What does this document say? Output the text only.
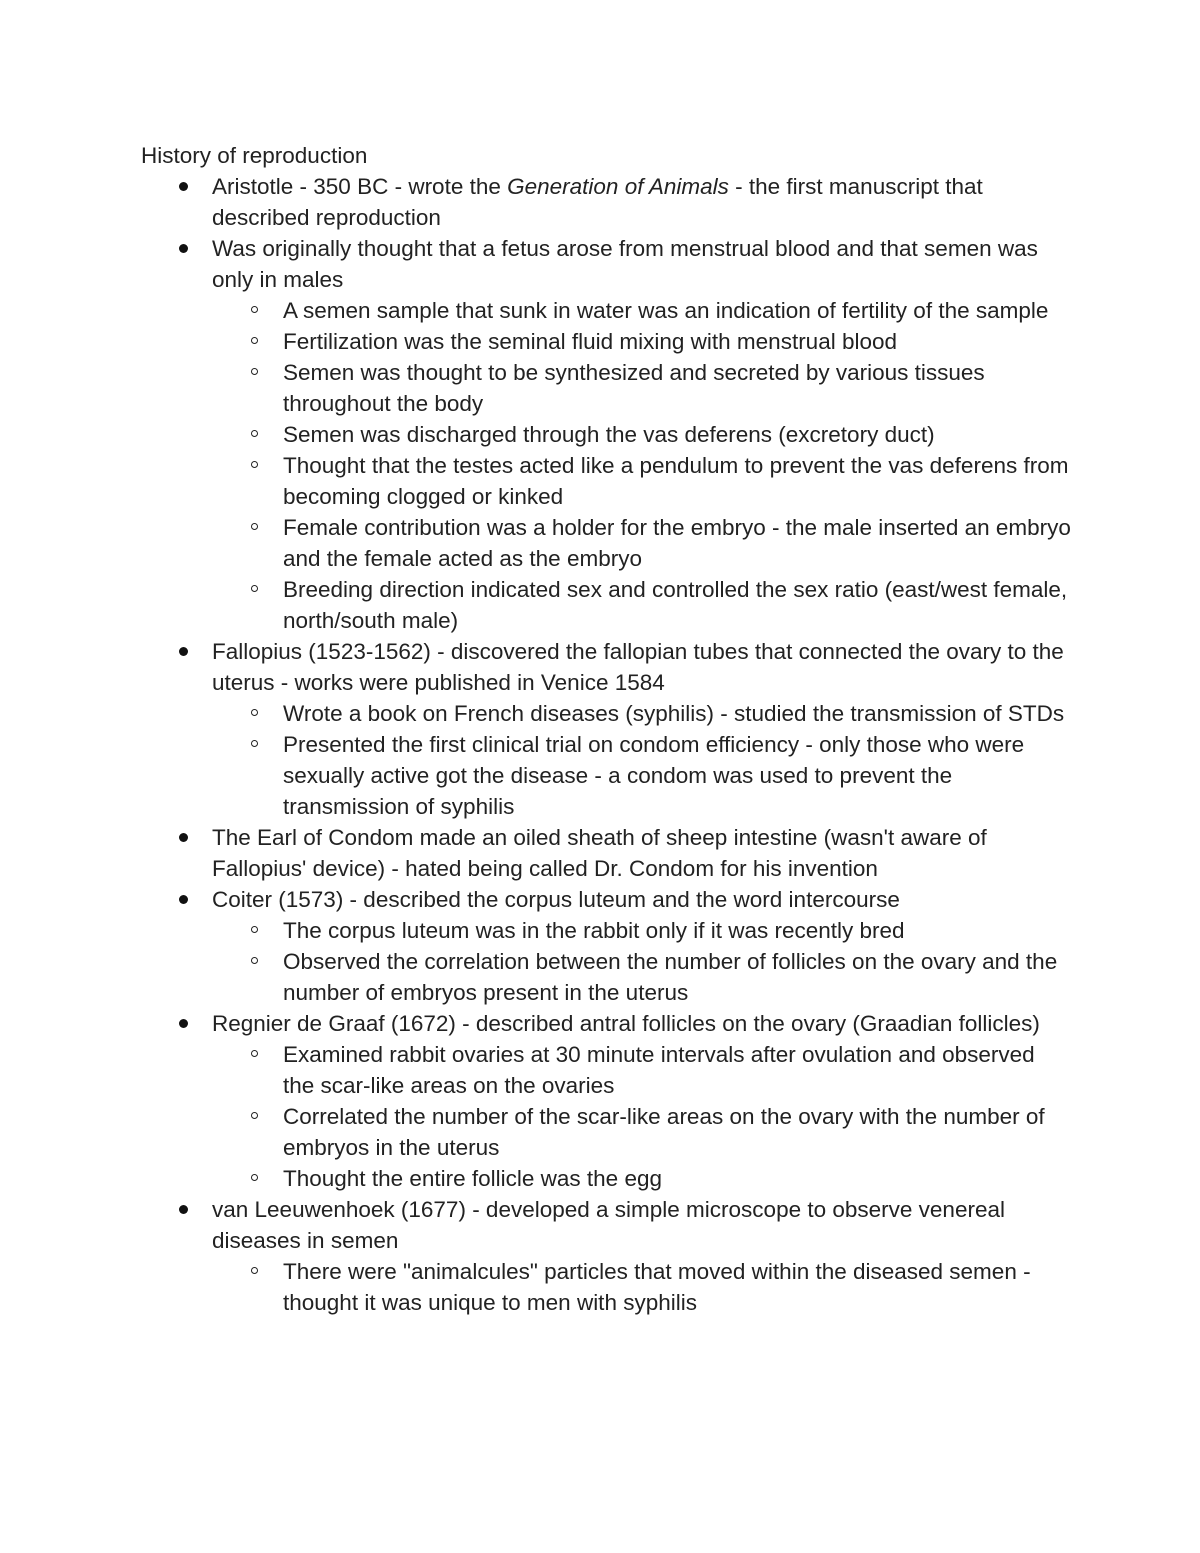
History of reproduction

Aristotle - 350 BC - wrote the Generation of Animals - the first manuscript that described reproduction
Was originally thought that a fetus arose from menstrual blood and that semen was only in males
A semen sample that sunk in water was an indication of fertility of the sample
Fertilization was the seminal fluid mixing with menstrual blood
Semen was thought to be synthesized and secreted by various tissues throughout the body
Semen was discharged through the vas deferens (excretory duct)
Thought that the testes acted like a pendulum to prevent the vas deferens from becoming clogged or kinked
Female contribution was a holder for the embryo - the male inserted an embryo and the female acted as the embryo
Breeding direction indicated sex and controlled the sex ratio (east/west female, north/south male)
Fallopius (1523-1562) - discovered the fallopian tubes that connected the ovary to the uterus - works were published in Venice 1584
Wrote a book on French diseases (syphilis) - studied the transmission of STDs
Presented the first clinical trial on condom efficiency - only those who were sexually active got the disease - a condom was used to prevent the transmission of syphilis
The Earl of Condom made an oiled sheath of sheep intestine (wasn't aware of Fallopius' device) - hated being called Dr. Condom for his invention
Coiter (1573) - described the corpus luteum and the word intercourse
The corpus luteum was in the rabbit only if it was recently bred
Observed the correlation between the number of follicles on the ovary and the number of embryos present in the uterus
Regnier de Graaf (1672) - described antral follicles on the ovary (Graadian follicles)
Examined rabbit ovaries at 30 minute intervals after ovulation and observed the scar-like areas on the ovaries
Correlated the number of the scar-like areas on the ovary with the number of embryos in the uterus
Thought the entire follicle was the egg
van Leeuwenhoek (1677) - developed a simple microscope to observe venereal diseases in semen
There were "animalcules" particles that moved within the diseased semen - thought it was unique to men with syphilis
